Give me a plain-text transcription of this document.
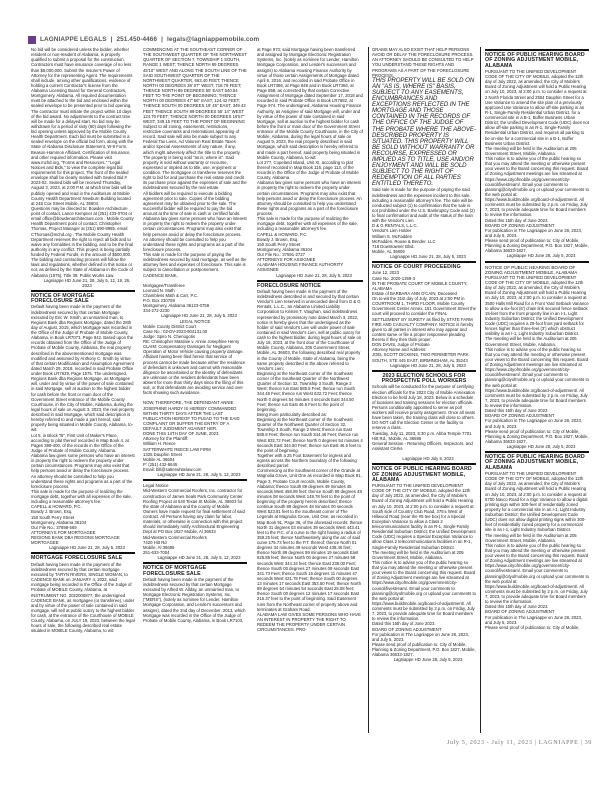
LAGNIAPPE LEGALS | 251.450-4466 | legals@lagniappemobile.com
No bid will be considered unless the bidder, whether resident or non-resident of Alabama, is properly qualified to submit a proposal for the construction. Contractors must have insurance coverage of no less than $5,000,000. Submit the Insurer's Power of Attorney for the representing Agent. The requirements shall include, among other qualifications, evidence of holding a current Contractor's license from the Alabama Licensing Board for General Contractors, Montgomery, Alabama. All required documentation must be attached to the bid and enclosed within the sealed envelope to be presented prior to bid opening. The contractor must initiate the project within 10 days of the bid award. No adjustments to the contract time will be made for a delayed start. No bid may be withdrawn for a period of sixty (60) days following the bid opening unless approved by the Mobile County Health Department. Each bid must be submitted in a sealed envelope on the official bid form, along with the State of Alabama Disclosure Statement, W-9 Form, Beason-Hammon Affidavit, Certification of Insurance, and other required information. Please visit www.mchd.org, "Forms and Resources," "Legal Notices and Bids," to view the complete legal bid requirements for this project. The front of the sealed envelope shall be clearly marked with Sealed Bid # 2023-02. Sealed bids will be received Thursday, August 3, 2023, at 2:00 P.M. at which time bids will be publicly opened and read in the Auditorium at Mobile County Health Department Newburn Building located at 248 Cox Street Mobile, AL 36604.
Questions may be directed to: Bowden Architecture point of contact, Lance Kempner at (251) 433-0704 or email office@bowdenarchitecture.com . Mobile County Health Department point of contact, Christopher Thomas, Project Manager at (251) 690-8985, email CThomas@mchd.org . The Mobile County Health Department reserves the right to reject all bids and to waive any formalities in the bidding, and to be the final authority in any conflict. This project is being partially funded by Federal Funds, in the amount of $500,000. The bidding and contracting process will follow the laws and regulations, whether defined in this notice or not, as defined by the State of Alabama in the Code of Alabama (1975), Title 39, Public Works Law.
Lagniappe HD June 21, 28, July 5, 12, 19, 26, 2023
NOTICE OF MORTGAGE FORECLOSURE SALE
Default having been made in the payment of the indebtedness secured by that certain Mortgage executed by Eric W. Smith, an unmarried man, to Regions Bank dba Regions Mortgage, dated the 28th day of August, 2015, which Mortgage was recorded in the Office of the Judge of Probate of Mobile County, Alabama, in Book LR7073, Page 942. Based upon the records obtained from the Office of the Judge of Probate of Mobile County, Alabama, the real property described in the abovementioned mortgage was modified and assumed by Anthony C. Smith by virtue of that certain Modification and Assumption Agreement dated March 29, 2018, recorded in said Probate Office under Book LR7629, Page 1575. The undersigned, Regions Bank dba Regions Mortgage, as Mortgagee will, under and by virtue of the power of sale contained in said Mortgage, sell at auction to the highest bidder for cash before the front or main door of the Government Street entrance of the Mobile County Courthouse, in the City of Mobile, Alabama, during the legal hours of sale on August 3, 2023, the real property described in said Mortgage, which said description is hereby referred to and made a part hereof, said property being situated in Mobile County, Alabama, to-wit:
Lot 5, in Block "B", First Unit of Maker's Place, according to plat thereof recorded in Map Book 4, at Pages 399-400, of the records in the Office of the Judge of Probate of Mobile County, Alabama.
Alabama law gives some persons who have an interest in property the right to redeem the property under certain circumstances. Programs may also exist that help persons avoid or delay the foreclosure process. An attorney should be consulted to help you understand these rights and programs as a part of the foreclosure process.
This sale is made for the purpose of realizing the mortgage debt, together with all expenses of the sale, including a reasonable attorney's fee.
CAPELL & HOWARD, P.C.
Bowdy J. Brown, Esq.
150 South Perry Street
Montgomery, Alabama 36104
Our File No.: 37698-569
ATTORNEYS FOR MORTGAGEE
REGIONS BANK DBA REGIONS MORTGAGE MORTGAGEE
Lagniappe HD June 21, 28, July 5, 2023
MORTGAGE FORECLOSURE SALE
Default having been made in the payment of the indebtedness secured by that certain mortgage executed by TARYN RIVERS, SINGLE WOMAN, to CADENCE BANK on JANUARY 4, 2022, said mortgage being recorded in the Office of the Judge of Probate of MOBILE County, Alabama, at INSTRUMENT NO. 2022000877, the undersigned CADENCE BANK, as mortgagee (or transferee), under and by virtue of the power of sale contained in said mortgage, will sell at public outcry to the highest bidder for cash, at the entrance of the Courthouse of MOBILE County, Alabama, on JULY 19, 2023, between the legal hours of sale, the following described real estate situated in MOBILE County, Alabama, to wit:
COMMENCING AT THE SOUTHEAST CORNER OF THE SOUTHWEST QUARTER OF THE NORTHWEST QUARTER OF SECTION 7, TOWNSHIP 1 SOUTH, RANGE 1 WEST; THENCE NORTH 89 DEGREES 45'10" WEST AND ALONG THE SOUTH LINE OF THE SAID SOUTHWEST QUARTER OF THE NORTHWEST QUARTER, 663.40 FEET; THENCE NORTH 00 DEGREES 38' 07" WEST, 718.79 FEET; THENCE NORTH 89 DEGREES 55' EAST 540.84 FEET TO THE POINT OF BEGINNING; THENCE NORTH 00 DEGREES 47' 56" EAST, 124.42 FEET; THENCE SOUTH 00 DEGREES 19' 45" EAST, 349.42 FEET THENCE SOUTH 89 DEGREES 55' 14" WEST 124.70 FEET; THENCE NORTH 00 DEGREES 16'57" WEST, 349.15 FEET TO THE POINT OF BEGINNING
Subject to all zoning, easements, restrictions, restrictive covenants and reservations appearing of record. Said sale will also be made subject to any Federal Tax Liens, Ad Valorem Real Estate Taxes and/or Special Assessments of any nature, if any, which might adversely affect the title to the property. The property is being sold "as is, where is". Said property is sold without warranty or recourse, expressed or implied as to title, use, enjoyment or condition. The mortgagee or transferee reserves the right to bid for and purchase the real estate and credit its purchase price against the expenses of sale and the indebtedness secured by the real estate.
All bidders will be required to execute a bidding agreement prior to sale. Copies of the bidding agreement may be obtained prior to the sale. The successful bidder will be required to pay the bid amount at the time of sale in cash or certified funds.
Alabama law gives some persons who have an interest in property the right to redeem the property under certain circumstances. Programs may also exist that help persons avoid or delay the foreclosure process. An attorney should be consulted to help you understand these rights and programs as a part of the foreclosure process.
This sale is made for the purpose of paying the indebtedness secured by said mortgage, as well as the attorney fees and expenses of foreclosure. This sale is subject to cancellation or postponement.
CADENCE BANK,
Mortgagee/Transferee
Leonard N. Math
Chambless Math & Carr, P.C.
P.O. Box 230759
Montgomery, Alabama 36123-0759
334-272-2230
Lagniappe HD June 21, 28, July 5, 2023
LEGAL NOTICE
Mobile County District Court
Case No.: 02-DV-2023-904131.00
Judge: Spiro N. Cheriogotis
RE: Christopher Mastinie v. Annie Josephine Henry
CLAIM: Compensatory Damages for Negligent Operation of Motor Vehicle causing property damage. Affidavit having been filed herein that service of process cannot be made because either the residence of defendant is unknown and cannot with reasonable diligence be ascertained or the identity of defendants are unknown or the resident defendants have been absent for more than thirty days since the filing of this suit, or that defendants are avoiding service and over facts showing such avoidance.
NOW, THEREFORE, THE DEFENDANT ANNIE JOSEPHINE HARDY IS HEREBY COMMANDED WITHIN THIRTY DAYS AFTER THE LAST PUBLICATION HEREOF TO PLEAD TO THE SAID COMPLAINT OR SUFFER THE ENTRY OF A DEFAULT JUDGMENT AGAINST HER.
DONE THIS 14TH DAY OF JUNE, 2023.
Attorney for the Plaintiff:
William H. Reece
SATTERWHITE REECE LAW FIRM
1325 Dauphin Street
Mobile AL 36604
P: (251) 432-8645
Email: bill@satterwhitelaw.com
Lagniappe HD June 21, 28, July 5, 12, 2023
Legal Notice
Mid-Western Commercial Roofers, Inc. contractor for construction of James Seals Park Community Center Roofing Project at 540 Texas St Mobile, AL 36603 for the state of Alabama and the county of Mobile.
Owners have made request for final settlement of said contract. All Persons having any claim for labor, materials, or otherwise in connection with this project should immediately notify Architectural Engineering Dept at PO Box 1827 Mobile, Al 36633
Mid-Western Commercial Roofers
7420 Hitt Rd
Mobile, Al 36695
251-633-7004
Lagniappe HD June 21, 28, July 5, 12, 2023
NOTICE OF MORTGAGE FORECLOSURE SALE
Default having been made in the payment of the indebtedness secured by that certain Mortgage executed by Alfred W. Allday, an unmarried man, to Mortgage Electronic Registration Systems, Inc. ("MERS"), (solely as nominee for Lender, Hamilton Mortgage Corporation, and Lender's successors and assigns), dated the 2nd day of December, 2013, which Mortgage was recorded in the Office of the Judge of Probate of Mobile County, Alabama, in Book LR7103,
at Page 973; said Mortgage having been transferred and assigned by Mortgage Electronic Registration Systems, Inc. (solely as nominee for Lender, Hamilton Mortgage Corporation, and Lender's successors and assigns) to Alabama Housing Finance Authority by virtue of those certain Assignments of Mortgage dated April 6, 2016, and recorded in said Probate Office in Book LR7366, at Page 849 and in Book LR7366, at Page 858, as corrected by that certain Corrective Assignment of Mortgage dated September 17, 2018 and recorded in said Probate Office in Book LR7682, at Page 974. The undersigned, Alabama Housing Finance Authority, as Assignee of said Mortgage will, under and by virtue of the power of sale contained in said Mortgage, sell at auction to the highest bidder for cash before the front or main door of the Government Street entrance of the Mobile County Courthouse, in the City of Mobile, Alabama, during the legal hours of sale on August 9, 2023, the real property described in said Mortgage, which said description is hereby referred to and made a part hereof, said property being situated in Mobile County, Alabama, to-wit:
Lot 277, Copeland Island, Unit XI, according to plat thereof recorded in Map Book 116, page 113, of the records in the Office of the Judge of Probate of Mobile County, Alabama.
Alabama law gives some persons who have an interest in property the right to redeem the property under certain circumstances. Programs may also exist that help persons avoid or delay the foreclosure process. An attorney should be consulted to help you understand these rights and programs as a part of the foreclosure process.
This sale is made for the purpose of realizing the mortgage debt, together with all expenses of the sale, including a reasonable attorney's fee.
CAPELL & HOWARD, P.C.
Bowdy J. Brown, Esq.
150 South Perry Street
Montgomery, Alabama 36104
Our File No.: 37591-2727
ATTORNEYS FOR ASSIGNEE
ALABAMA HOUSING FINANCE AUTHORITY
ASSIGNEE
Lagniappe HD June 21, 28, July 5, 2023
FORECLOSURE NOTICE
Default having been made in the payment of the indebtedness described in and secured by that certain Vendor's Lien reserved in unrecorded deed from D & G Rentals, L.L.C., an Alabama Limited Liability Corporation to Kristen T. Vaughan, said indebtedness represented by promissory note dated March 3, 2022, notice is hereby given that the undersigned as the holder of said Vendor's Lien will under power of sale contained in said Vendor's Lien, sell at public outcry for cash to the highest bidder, during legal hours of sale on July 18, 2023, at the front door of the Courthouse of Mobile County, Alabama, 205 Government Street, Mobile, AL 36603, the following described real property in the County of Mobile, State of Alabama, being the same property described in the above referred to Vendor's Lien:
Beginning at the Northeast corner of the Southeast corner of the Southeast Quarter of the Northwest Quarter of Section 32, Township 3 South, Range 2 West; thence run East 585.8 Feet; thence run South 344.46 Feet; thence run West 632.72 Feet; thence North 0 degrees 54 minutes 4 seconds East 344.50 Feet; thence run East 46.5 Feet to the point of beginning.
Being more particularly described as:
Beginning at the Northeast corner of the Southeast Quarter of the Northwest Quarter of Section 32, Township 3 South, Range 2 West; thence run East 585.8 Feet; thence run South 344.46 Feet; thence run West 632.72 Feet; thence North 0 degrees 54 minutes 4 seconds East 344.50 Feet; thence run East 46.5 feet to the point of beginning.
Together with a 25 Foot Easement for ingress and egress across the Northern boundary of the following described parcel:
Commencing at the Southwest corner of the Grande at Magnolia Grove, Unit One as recorded in Map Book 91, Page 3, Probate Court records, Mobile County, Alabama; thence South 89 degrees 49 minutes 45 seconds West 458.89 feet; thence South 89 degrees 48 minutes 08 seconds West 149.78 feet to the point of beginning of the property herein described; thence continue South 89 degrees 48 minutes 00 seconds West 523.81 feet to the Southeast corner of The Legends at Magnolia Grove, Unit One, as recorded in Map Book 91, Page 36, of the aforesaid records; thence North 31 degrees 03 minutes 39 seconds West 443.41 feet to the P.C. of a curve to the right having a radius of 359.25 feet; thence Northwesterly along the arc of said curve 175.73 feet to the P.T. thereof; thence North 01 degrees 34 minutes 49 seconds West 438.46 feet; thence North 89 degrees 59 minutes 19 seconds East 625.85 feet; thence North 00 degrees 27 minutes 58 seconds West 344.34 feet; thence East 236.00 Feet; thence South 00 degrees 27 minutes 09 seconds East 341.73 Feet; thence South 15 degrees 11 minutes 47 seconds West 421.78 Feet; thence South 00 degrees 13 minutes 17 seconds East 353.50 Feet; thence North 89 degrees 54 minutes 54 seconds East 25.08 feet; thence South 00 degrees 12 minutes 17 seconds East 215.37 feet to the point of beginning. Said Easement runs from the Northeast corner of property above and terminates at Graham Road.
ALABAMA LAW GIVES SOME PERSONS WHO HAVE AN INTEREST IN PROPERTY THE RIGHT TO REDEEM THE PROPERTY UNDER CERTAIN CIRCUMSTANCES. PRO-
GRAMS MAY ALSO EXIST THAT HELP PERSONS AVOID OR DELAY THE FORECLOSURE PROCESS. AN ATTORNEY SHOULD BE CONSULTED TO HELP YOU UNDERSTAND THESE RIGHTS AND PROGRAMS AS A PART OF THE FORECLOSURE PROCESS.
THIS PROPERTY WILL BE SOLD ON AN "AS IS, WHERE IS" BASIS, SUBJECT TO ANY EASEMENTS, ENCUMBRANCES AND EXCEPTIONS REFLECTED IN THE MORTGAGE AND THOSE CONTAINED IN THE RECORDS OF THE OFFICE OF THE JUDGE OF THE PROBATE WHERE THE ABOVE-DESCRIBED PROPERTY IS SITUATED. THIS PROPERTY WILL BE SOLD WITHOUT WARRANTY OR RECOURSE, EXPRESSED OR IMPLIED AS TO TITLE, USE AND/OR ENJOYMENT AND WILL BE SOLD SUBJECT TO THE RIGHT OF REDEMPTION OF ALL PARTIES ENTITLED THERETO.
Said sale is made for the purpose of paying the said indebtedness and the expenses incident to this sale, including a reasonable attorney's fee. The sale will be conducted subject (1) to confirmation that the sale is not prohibited under the U.S. Bankruptcy Code and (2) to final confirmation and audit of the status of the loan with the Vendor's Lien.
D & G RENTALS, L.L.C.
Vendor's Lien Holder
William S. McFadden
McFadden, Rouse & Bender, LLC
718 Downtowner Blvd.
Mobile, AL 36609
Lagniappe HD June 21, 28, July 5, 2023
NOTICE OF COURT PROCEEDING
June 12, 2023
Case No. 2020-1359-3
IN THE PROBATE COURT OF MOBILE COUNTY, ALABAMA
Estate of BARBARA ANN O'CAIN, Deceased
On to-wit the 31st day of July, 2023 at 2:00 PM in COURTROOM 1, THIRD FLOOR, Mobile County Government Center Annex, 151 Government Street the court will proceed to consider the FINAL SETTLEMENT BY SURETY as filed by STATE FARM FIRE AND CASUALTY COMPANY. NOTICE is hereby given to all parties in interest who may appear and contest same or file a proper responsive pleading thereto if they then think proper.
DON DAVIS, Judge of Probate
Attorney Name and Address:
JOEL SCOTT DICKENS, TWO PERIMETER PARK SOUTH, STE 445 EAST, BIRMINGHAM, AL 35243
Lagniappe HD June 21, 28, July 5, 2023
2023 ELECTION SCHOOLS FOR PROSPECTIVE POLL WORKERS
Schools will be conducted for the purpose of certifying election officials for the 2023 City of Mobile Annexation Election to be held July 18, 2023. Below is a schedule of locations and training sessions for election officials. Persons conditionally appointed to serve as poll workers will receive priority assignment. Once all seats have been taken, the training class will close to others. DO NOT call the Election Center or the facility to reserve a class.
Tuesday, July 11, 2023, 5:30 p.m. Abba Temple 7701 Hitt Rd., Mobile, AL 36695
General Session - Returning Officers, Inspectors, and Assistant Clerks
Lagniappe HD July 5, 2023
NOTICE OF PUBLIC HEARING BOARD OF ZONING ADJUSTMENT MOBILE, ALABAMA
PURSUANT TO THE UNIFIED DEVELOPMENT CODE OF THE CITY OF MOBILE, adopted the 12th day of July 2022, as amended, the City of Mobile's Board of Zoning Adjustment will hold a Public Hearing on July 10, 2023, at 2:00 p.m. to consider a request at South side of Country Club Road, 375'± West of Hillwood Road (near the #5 tee box) for a Special Exception Variance to allow a Class 2 telecommunications facility in an R-1, Single-Family Residential Suburban District; the Unified Development Code (UDC) requires a Special Exception Variance to allow Class 2 telecommunications facilities in an R-1, Single-Family Residential Suburban District.
The meeting will be held in the Auditorium at 205 Government Street, Mobile, Alabama.
This notice is to advise you of the public hearing so that you may attend the meeting or otherwise present your views to the Board concerning this request. Board of Zoning Adjustment meetings are live streamed at https://www.cityofmobile.org/government/city-council/livestream/. Email your comments to planning@cityofmobile.org or upload your comments to the web portal at:
https://www.buildmobile.org/board-of-adjustment/. All comments must be submitted by 2 p.m. on Friday, July 7, 2023, to provide adequate time for Board members to review the information.
Dated this 15th day of June 2023.
BOARD OF ZONING ADJUSTMENT
For publication in The Lagniappe on June 28, 2023, and July 5, 2023.
Please send proof of publication to: City of Mobile, Planning & Zoning Department, P.O. Box 1827, Mobile, Alabama 36633-1827.
Lagniappe HD June 28, July 5, 2023
NOTICE OF PUBLIC HEARING BOARD OF ZONING ADJUSTMENT MOBILE, ALABAMA
PURSUANT TO THE UNIFIED DEVELOPMENT CODE OF THE CITY OF MOBILE, adopted the 12th day of July 2022, as amended, the City of Mobile's Board of Zoning Adjustment will hold a Public Hearing on July 10, 2023, at 2:00 p.m. to consider a request at 2 North Florida Street and 2504 Dauphin Street for a Use Variance to amend the site plan of a previously approved Use Variance to allow off-site parking in an R-1, Single-Family Residential Urban District, for a commercial site in a B-1, Buffer Business Urban District; the Unified Development Code (UDC) does not allow off-site parking in an R-1, Single-Family Residential Urban District, and requires all parking to be on-site for a commercial site in a B-1, Buffer Business Urban District.
The meeting will be held in the Auditorium at 205 Government Street, Mobile, Alabama.
This notice is to advise you of the public hearing so that you may attend the meeting or otherwise present your views to the Board concerning this request. Board of Zoning Adjustment meetings are live streamed at https://www.cityofmobile.org/government/city-council/livestream/. Email your comments to planning@cityofmobile.org or upload your comments to the web portal at:
https://www.buildmobile.org/board-of-adjustment/. All comments must be submitted by 2 p.m. on Friday, July 7, 2023, to provide adequate time for Board members to review the information.
Dated this 15th day of June 2023.
BOARD OF ZONING ADJUSTMENT
For publication in The Lagniappe on June 28, 2023, and July 5, 2023.
Please send proof of publication to: City of Mobile, Planning & Zoning Department, P.O. Box 1827, Mobile, Alabama 36633-1827.
Lagniappe HD June 28, July 5, 2023
NOTICE OF PUBLIC HEARING BOARD OF ZONING ADJUSTMENT MOBILE, ALABAMA
PURSUANT TO THE UNIFIED DEVELOPMENT CODE OF THE CITY OF MOBILE, adopted the 12th day of July 2022, as amended, the City of Mobile's Board of Zoning Adjustment will hold a Public Hearing on July 10, 2023, at 2:00 p.m. to consider a request at 3500 Halls Mill Road for a Front Yard Setback Variance to allow a six-foot (6') chain link secured fence setback 15-feet from the front property line in an I-1, Light Industry Suburban District; the Unified Development Code (UDC) requires a 25-foot front yard setback for fences higher than three-feet (3') which obstruct visibility in an I-1, Light Industry Suburban District.
The meeting will be held in the Auditorium at 205 Government Street, Mobile, Alabama.
This notice is to advise you of the public hearing so that you may attend the meeting or otherwise present your views to the Board concerning this request. Board of Zoning Adjustment meetings are live streamed at https://www.cityofmobile.org/government/city-council/livestream/. Email your comments to planning@cityofmobile.org or upload your comments to the web portal at:
https://www.buildmobile.org/board-of-adjustment/. All comments must be submitted by 2 p.m. on Friday, July 7, 2023, to provide adequate time for Board members to review the information.
Dated this 15th day of June 2023.
BOARD OF ZONING ADJUSTMENT
For publication in The Lagniappe on June 28, 2023, and July 5, 2023.
Please send proof of publication to: City of Mobile, Planning & Zoning Department, P.O. Box 1827, Mobile, Alabama 36633-1827.
Lagniappe HD June 28, July 5, 2023
NOTICE OF PUBLIC HEARING BOARD OF ZONING ADJUSTMENT MOBILE, ALABAMA
PURSUANT TO THE UNIFIED DEVELOPMENT CODE OF THE CITY OF MOBILE, adopted the 12th day of July 2022, as amended, the City of Mobile's Board of Zoning Adjustment will hold a Public Hearing on July 10, 2023, at 2:00 p.m. to consider a request at 5700 Navco Road for a Sign Variance to allow a digital printing sign within 300-feet of residentially zoned property for a commercial site in an I-1, Light Industry Suburban District; the Unified Development Code (UDC) does not allow digital printing signs within 300-feet of residentially zoned property for a commercial site in an I-1, Light Industry Suburban District.
The meeting will be held in the Auditorium at 205 Government Street, Mobile, Alabama.
This notice is to advise you of the public hearing so that you may attend the meeting or otherwise present your views to the Board concerning this request. Board of Zoning Adjustment meetings are live streamed at https://www.cityofmobile.org/government/city-council/livestream/. Email your comments to planning@cityofmobile.org or upload your comments to the web portal at:
https://www.buildmobile.org/board-of-adjustment/. All comments must be submitted by 2 p.m. on Friday, July 7, 2023, to provide adequate time for Board members to review the information.
Dated this 15th day of June 2023.
BOARD OF ZONING ADJUSTMENT
For publication in The Lagniappe on June 28, 2023, and July 5, 2023.
Please send proof of publication to: City of Mobile,
July 5, 2023 - July 11, 2023 | LAGNIAPPE | 39
